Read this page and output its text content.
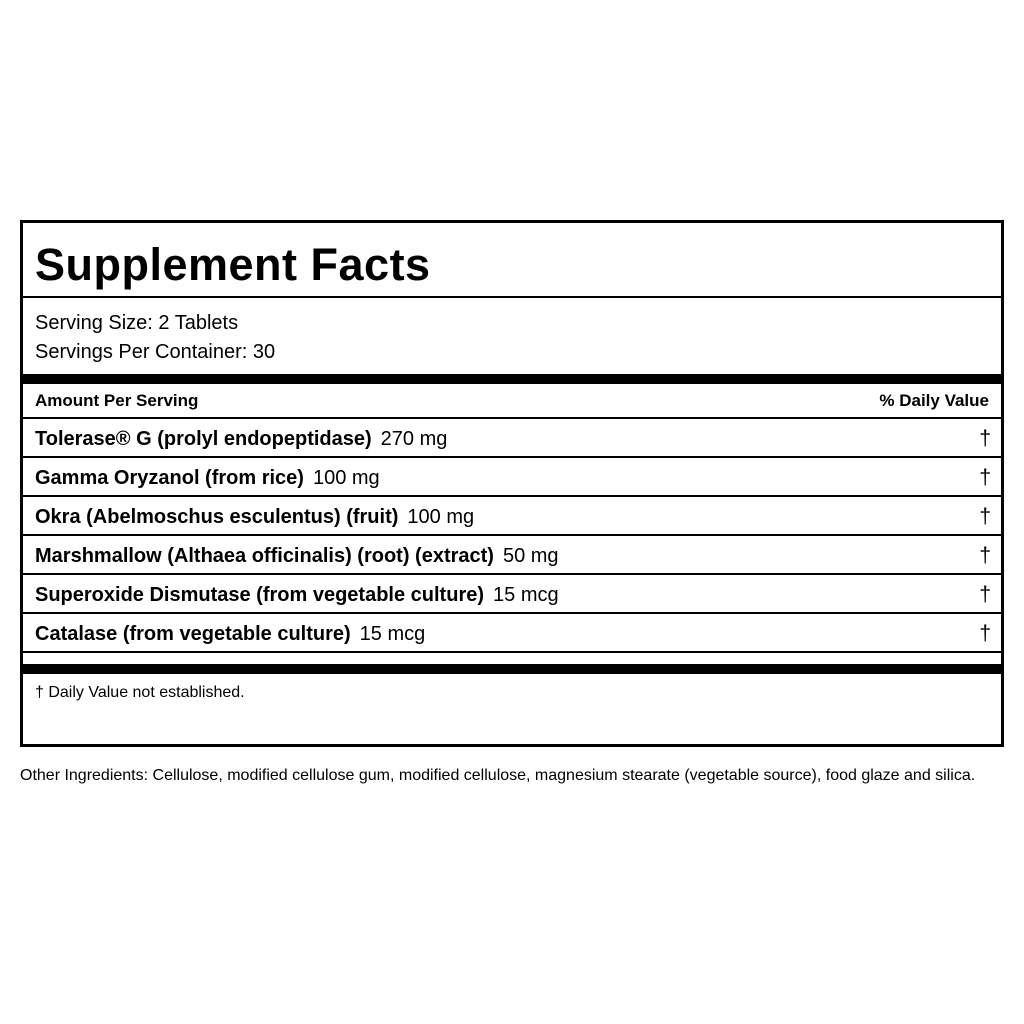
Supplement Facts
Serving Size: 2 Tablets
Servings Per Container: 30
Amount Per Serving	% Daily Value
Tolerase® G (prolyl endopeptidase) 270 mg	†
Gamma Oryzanol (from rice) 100 mg	†
Okra (Abelmoschus esculentus) (fruit) 100 mg	†
Marshmallow (Althaea officinalis) (root) (extract) 50 mg	†
Superoxide Dismutase (from vegetable culture) 15 mcg	†
Catalase (from vegetable culture) 15 mcg	†
† Daily Value not established.
Other Ingredients: Cellulose, modified cellulose gum, modified cellulose, magnesium stearate (vegetable source), food glaze and silica.
